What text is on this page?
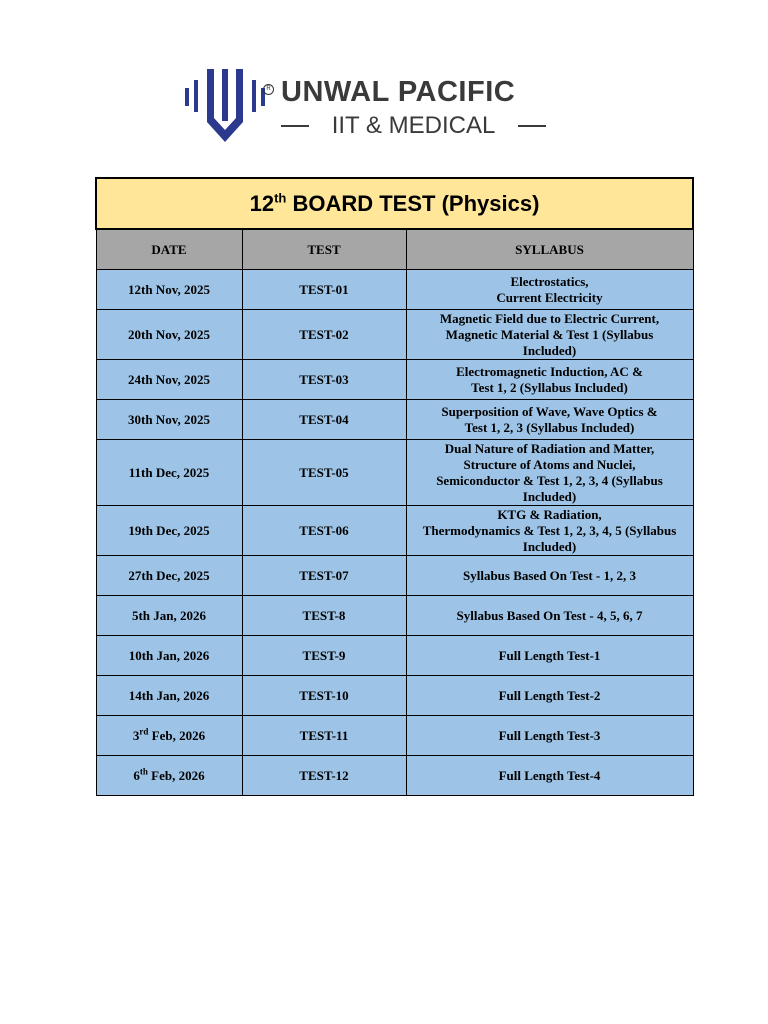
R UNWAL PACIFIC
IIT & MEDICAL
12th BOARD TEST (Physics)		
DATE	TEST	SYLLABUS
12th Nov, 2025	TEST-01	Electrostatics,
Current Electricity

20th Nov, 2025	TEST-02	Magnetic Field due to Electric Current,
Magnetic Material & Test 1 (Syllabus
Included)

24th Nov, 2025	TEST-03	Electromagnetic Induction, AC &
Test 1, 2 (Syllabus Included)

30th Nov, 2025	TEST-04	Superposition of Wave, Wave Optics &
Test 1, 2, 3 (Syllabus Included)

11th Dec, 2025	TEST-05	Dual Nature of Radiation and Matter,
Structure of Atoms and Nuclei,
Semiconductor & Test 1, 2, 3, 4 (Syllabus
Included)

19th Dec, 2025	TEST-06	KTG & Radiation,
Thermodynamics & Test 1, 2, 3, 4, 5 (Syllabus
Included)

27th Dec, 2025	TEST-07	Syllabus Based On Test - 1, 2, 3

5th Jan, 2026	TEST-8	Syllabus Based On Test - 4, 5, 6, 7

10th Jan, 2026	TEST-9	Full Length Test-1

14th Jan, 2026	TEST-10	Full Length Test-2

3rd Feb, 2026	TEST-11	Full Length Test-3

6th Feb, 2026	TEST-12	Full Length Test-4
